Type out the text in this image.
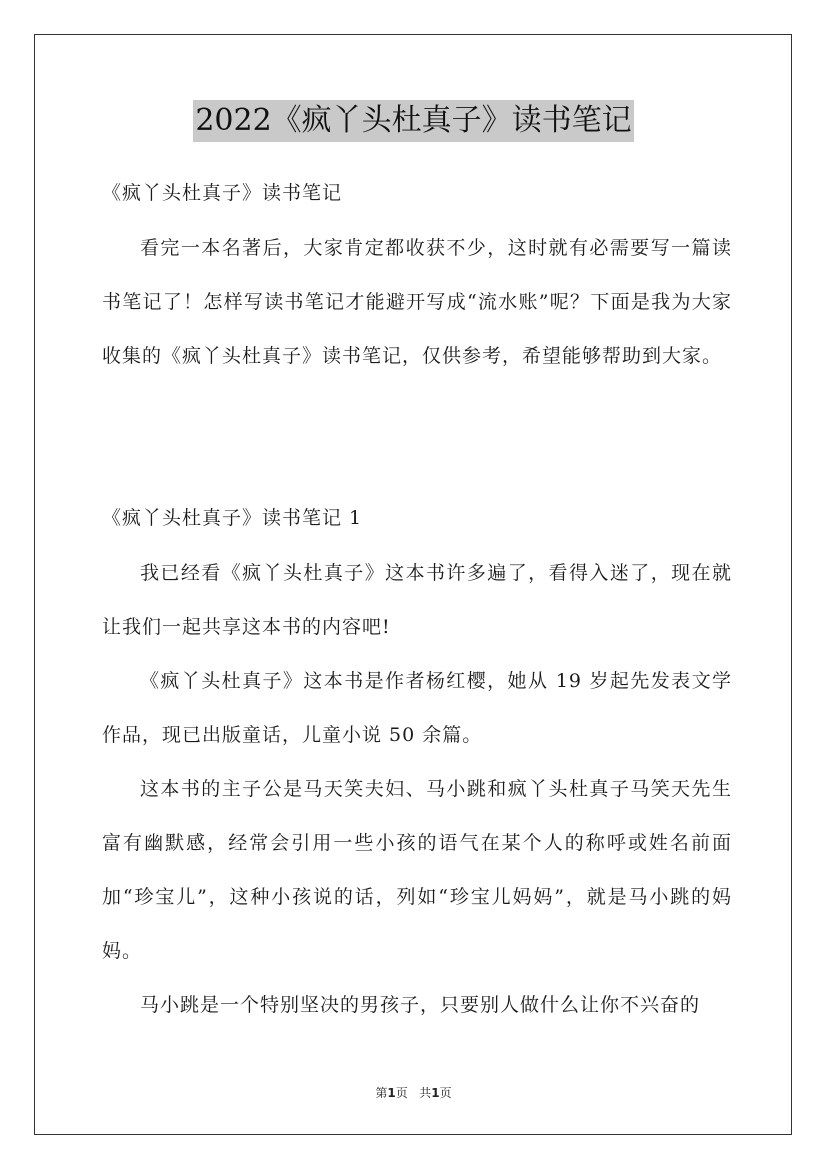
2022《疯丫头杜真子》读书笔记

《疯丫头杜真子》读书笔记

看完一本名著后，大家肯定都收获不少，这时就有必需要写一篇读书笔记了！怎样写读书笔记才能避开写成“流水账”呢？下面是我为大家收集的《疯丫头杜真子》读书笔记，仅供参考，希望能够帮助到大家。

《疯丫头杜真子》读书笔记 1

我已经看《疯丫头杜真子》这本书许多遍了，看得入迷了，现在就让我们一起共享这本书的内容吧!

《疯丫头杜真子》这本书是作者杨红樱，她从 19 岁起先发表文学作品，现已出版童话，儿童小说 50 余篇。

这本书的主子公是马天笑夫妇、马小跳和疯丫头杜真子马笑天先生富有幽默感，经常会引用一些小孩的语气在某个人的称呼或姓名前面加“珍宝儿”，这种小孩说的话，列如“珍宝儿妈妈”，就是马小跳的妈妈。

马小跳是一个特别坚决的男孩子，只要别人做什么让你不兴奋的

第1页 共1页
